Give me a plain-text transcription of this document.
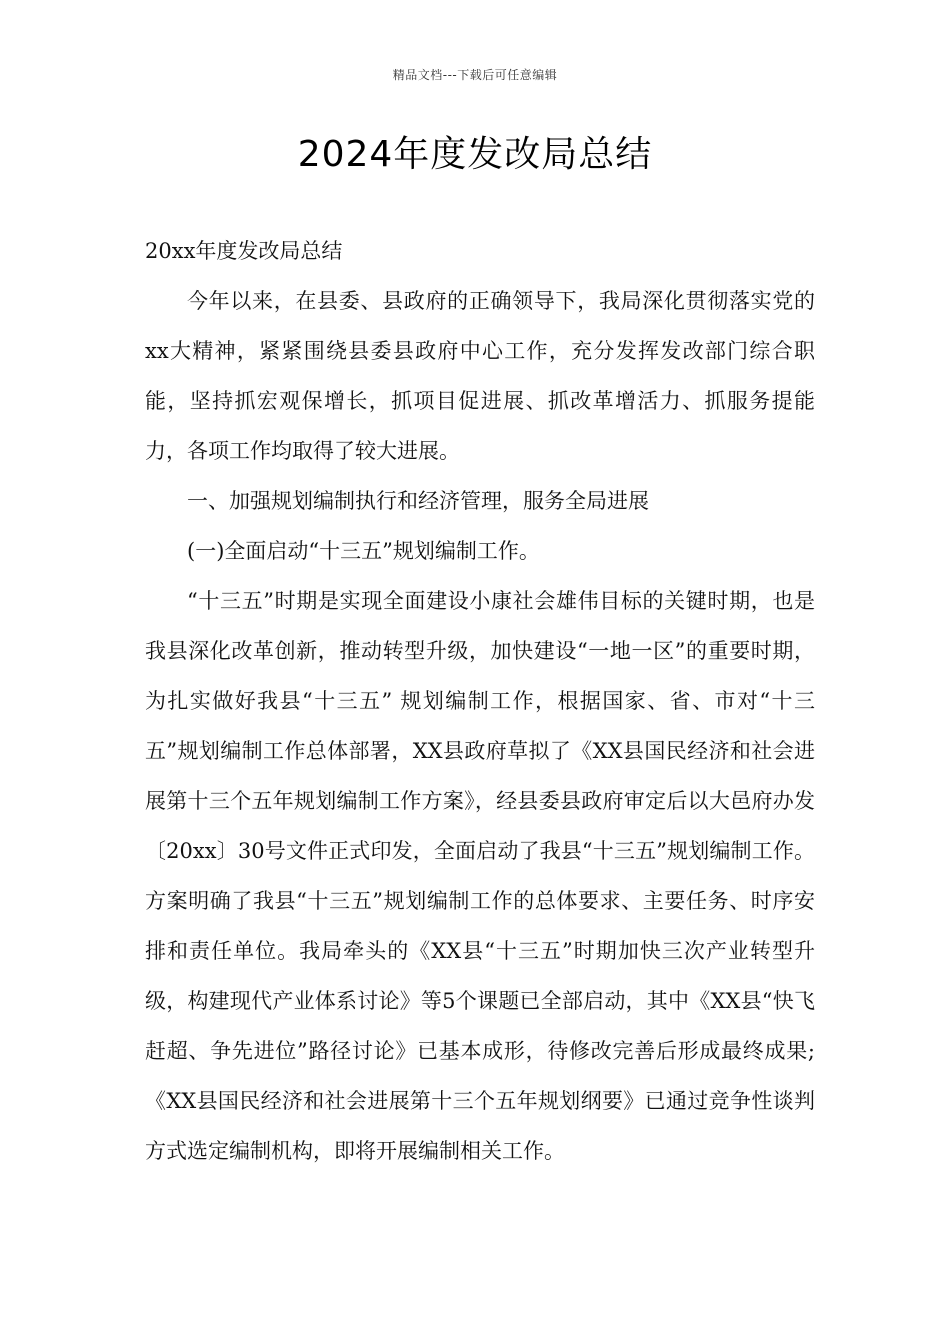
精品文档---下载后可任意编辑
2024年度发改局总结

20xx年度发改局总结

今年以来，在县委、县政府的正确领导下，我局深化贯彻落实党的xx大精神，紧紧围绕县委县政府中心工作，充分发挥发改部门综合职能，坚持抓宏观保增长，抓项目促进展、抓改革增活力、抓服务提能力，各项工作均取得了较大进展。

一、加强规划编制执行和经济管理，服务全局进展

(一)全面启动“十三五”规划编制工作。

“十三五”时期是实现全面建设小康社会雄伟目标的关键时期，也是我县深化改革创新，推动转型升级，加快建设“一地一区”的重要时期，为扎实做好我县“十三五” 规划编制工作，根据国家、省、市对“十三五”规划编制工作总体部署，XX县政府草拟了《XX县国民经济和社会进展第十三个五年规划编制工作方案》，经县委县政府审定后以大邑府办发〔20xx〕30号文件正式印发，全面启动了我县“十三五”规划编制工作。方案明确了我县“十三五”规划编制工作的总体要求、主要任务、时序安排和责任单位。我局牵头的《XX县“十三五”时期加快三次产业转型升级，构建现代产业体系讨论》等5个课题已全部启动，其中《XX县“快飞赶超、争先进位”路径讨论》已基本成形，待修改完善后形成最终成果;《XX县国民经济和社会进展第十三个五年规划纲要》已通过竞争性谈判方式选定编制机构，即将开展编制相关工作。
